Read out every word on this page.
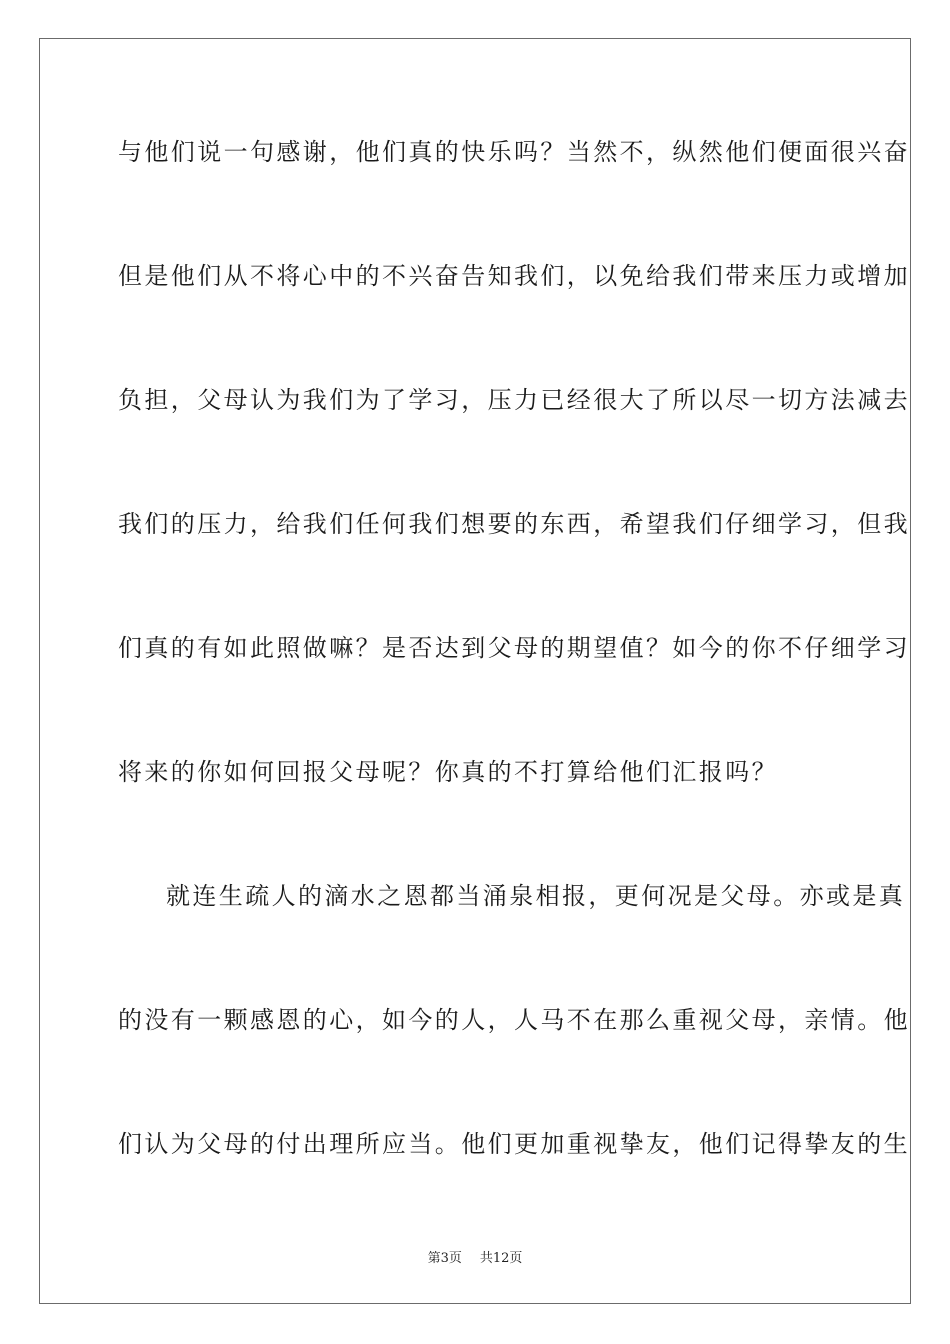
与他们说一句感谢，他们真的快乐吗？当然不，纵然他们便面很兴奋
但是他们从不将心中的不兴奋告知我们，以免给我们带来压力或增加
负担，父母认为我们为了学习，压力已经很大了所以尽一切方法减去
我们的压力，给我们任何我们想要的东西，希望我们仔细学习，但我
们真的有如此照做嘛？是否达到父母的期望值？如今的你不仔细学习
将来的你如何回报父母呢？你真的不打算给他们汇报吗？
就连生疏人的滴水之恩都当涌泉相报，更何况是父母。亦或是真
的没有一颗感恩的心，如今的人，人马不在那么重视父母，亲情。他
们认为父母的付出理所应当。他们更加重视挚友，他们记得挚友的生
第3页 共12页
